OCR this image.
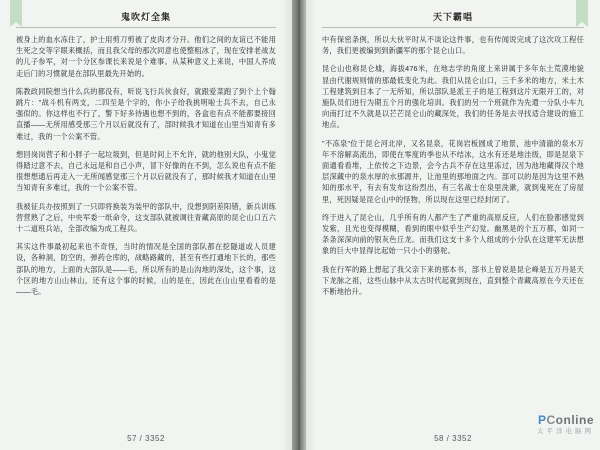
鬼吹灯全集

被身上的血水冻住了，护士用剪刀剪被了皮肉才分开。他们之间的友谊已不能用生死之交等字眼来概括，而且我父母的那次同意也使整粗冰了，现在安排老战友的儿子参军，对一个分区参课长来说是个难事。从某种意义上来说，中国人养成走后门的习惯就是在部队里最先开始的。

陈教政同院想当什么兵的都没有，听说飞行兵伙食好，就跟爱菜跑了到个上个翰跳片："战斗机有两支，二四至是个字的，你小子给我挑明啦士兵不去，自己永强似的。你这样也不行了，警下好多待遇也想不到的，各盒也有点不能都要接回直播——无所用感受那三个月以后就没有了，部时候我才知道在山里当知青有多难过，我的一个公案不管。

想回岗岗营子和小胖子一起垃圾到，但是时间上不允许，就的他别大队，小鬼觉得踏过意不去，自己永远是和自己小声，冒下好像的在不到，怎么说也有点不能很想想通后再走入一无所闻感觉那三个月以后就没有了，那时候我才知道在山里当知青有多难过，我的一个公案不管。

我被征兵办按照到了一只即将换装为装甲的部队中，没想到阴差阳错，新兵训练营营熟了之后，中央军委一纸命令，这支部队就被调往青藏高原的昆仑山口五六十二道班兵站，全部改编为成工程兵。

其实这件事最初起来也不奇怪，当时的情况是全国的部队都在挖隧道或人员建设，各种洞，防空的，弹药仓库的，战略路藏的，甚至有些打通地下长的，那些部队的地方，上面的大部队是——毛，所以所有的是山沟地的深处，这个事，这个区的地方山山林山，还有这个事的时候，山的是在，因此在山山里看看的是——毛。

57 / 3352
天下霸唱

中有保密条例，所以大伙平时从不谈论这件事，也有传闻说完成了这次攻工程任务，我们更被编到到新疆军的那个昆仑山口。

昆仑山也称昆仑墟，海拔476米，在地志学的角度上来讲属于多年东土荒漠地貌显由代谢规则情的那最低变化为此。我们从昆仑山口，三千多米的地方，米土木工程建筑到日本了一无所知，所以部队是派王子的是工程到这片无限开工的，对施队员们进行为期五个月的强化培训。我们的另一个班就作为先遣一分队小车九向南打过不久就是以芒芒昆仑山的藏深处，我们的任务是去寻找适合建设的施工地点。

"不冻泉"位于昆仑河北岸，又名昆泉，花岗岩板圆成了地景，池中清澈的泉水万年不溶解高流出，即使在零度的季也从不结冰，这水有还是地洼级，即是昆泉下面通看看堆，上依传之下边景，会今古兵不存在这里冻过，因为池地藏得汉个地层深藏中的泉水厚的水那源井，让池里的那地面之内。部可以的是因为这里不熟知的那水平，有去有发布这纷烈出，有三名战士在泉里洗漱，就到鬼死在了房屋里，死因疑是昆仑山中的怪物，所以现在这里已经封闭了。

终于进入了昆仑山，几乎所有的人都产生了严重的高原反应，人们在脸都感觉到发紫，且光也变得模糊，看到的眼中似乎生产幻觉。幽黑是的个五万都，如同一条条深深向前的银灰色丘龙。而我们这支十多个人组成的小分队在这建军无法想象的巨大中显得比起始一只小小的骆驼。

我在行军的路上想起了我父亲下来的那本书，部书上曾说是昆仑峰是五万丹是天下龙脉之祖，这些山脉中从太古时代起就到现在，直到整个青藏高原在今天还在不断地抬升。

58 / 3352
PConline
太平洋电脑网
